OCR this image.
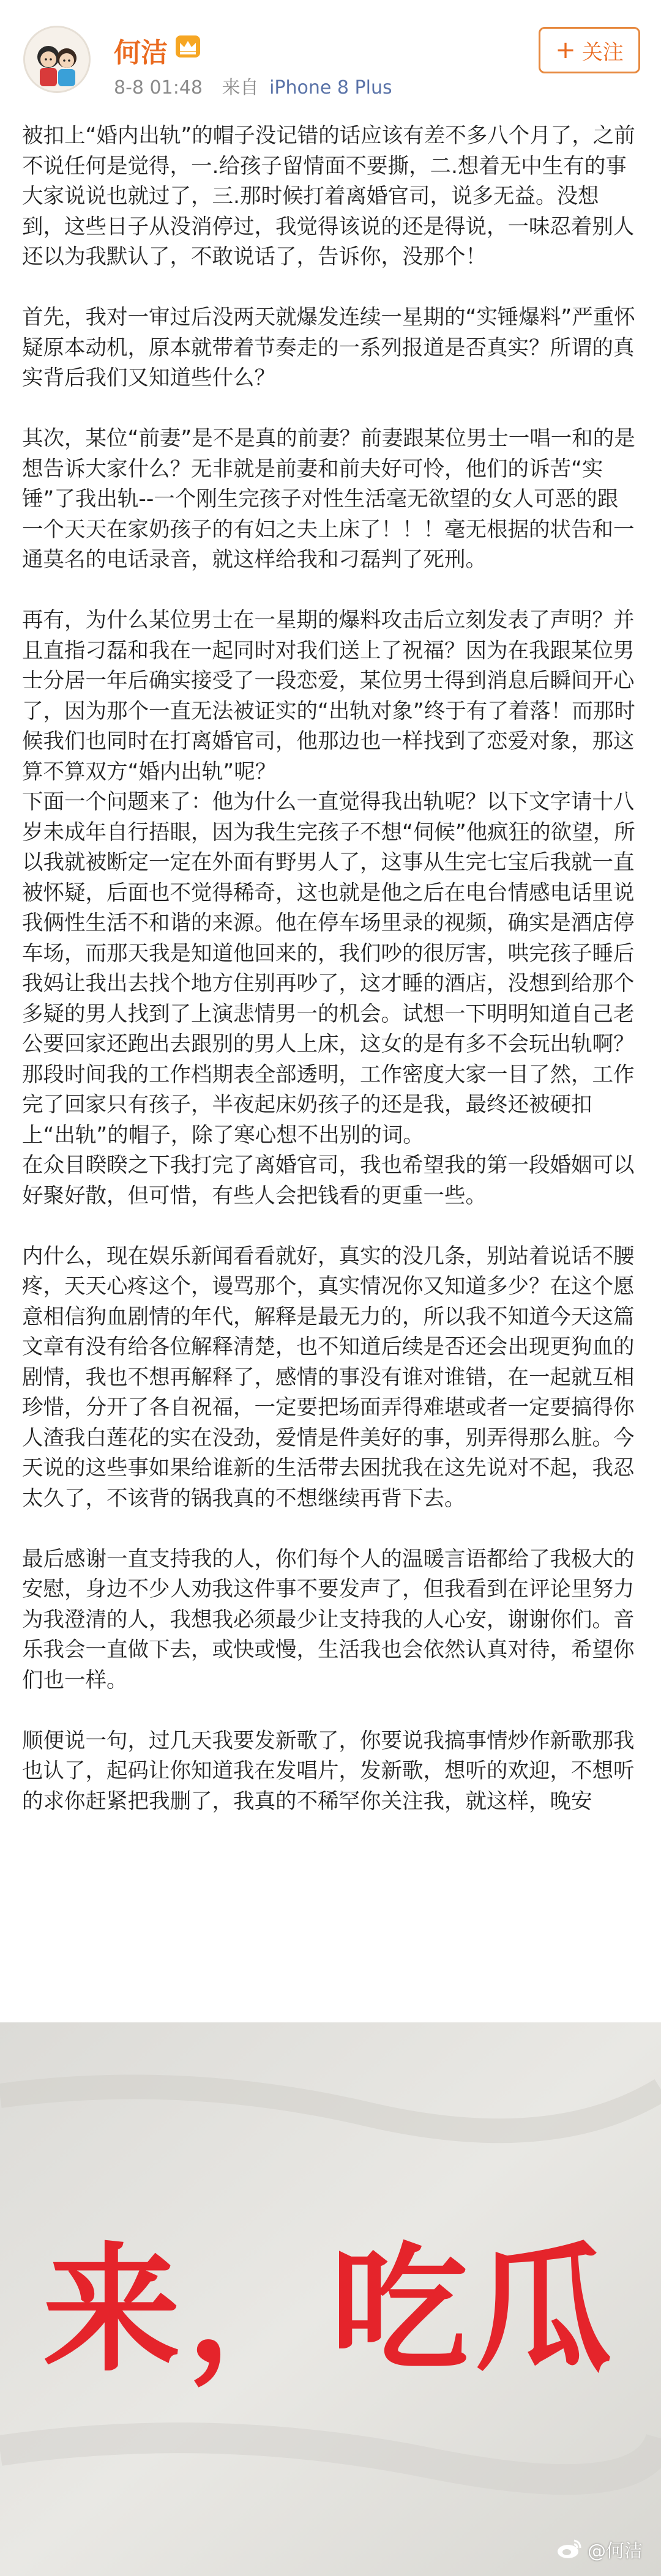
何洁
8-8 01:48 来自 iPhone 8 Plus
+ 关注

被扣上“婚内出轨”的帽子没记错的话应该有差不多八个月了，之前不说任何是觉得，一.给孩子留情面不要撕，二.想着无中生有的事大家说说也就过了，三.那时候打着离婚官司，说多无益。没想到，这些日子从没消停过，我觉得该说的还是得说，一味忍着别人还以为我默认了，不敢说话了，告诉你，没那个！

首先，我对一审过后没两天就爆发连续一星期的“实锤爆料”严重怀疑原本动机，原本就带着节奏走的一系列报道是否真实？所谓的真实背后我们又知道些什么？

其次，某位“前妻”是不是真的前妻？前妻跟某位男士一唱一和的是想告诉大家什么？无非就是前妻和前夫好可怜，他们的诉苦“实锤”了我出轨--一个刚生完孩子对性生活毫无欲望的女人可恶的跟一个天天在家奶孩子的有妇之夫上床了！！！毫无根据的状告和一通莫名的电话录音，就这样给我和刁磊判了死刑。

再有，为什么某位男士在一星期的爆料攻击后立刻发表了声明？并且直指刁磊和我在一起同时对我们送上了祝福？因为在我跟某位男士分居一年后确实接受了一段恋爱，某位男士得到消息后瞬间开心了，因为那个一直无法被证实的“出轨对象”终于有了着落！而那时候我们也同时在打离婚官司，他那边也一样找到了恋爱对象，那这算不算双方“婚内出轨”呢？

下面一个问题来了：他为什么一直觉得我出轨呢？以下文字请十八岁未成年自行捂眼，因为我生完孩子不想“伺候”他疯狂的欲望，所以我就被断定一定在外面有野男人了，这事从生完七宝后我就一直被怀疑，后面也不觉得稀奇，这也就是他之后在电台情感电话里说我俩性生活不和谐的来源。他在停车场里录的视频，确实是酒店停车场，而那天我是知道他回来的，我们吵的很厉害，哄完孩子睡后我妈让我出去找个地方住别再吵了，这才睡的酒店，没想到给那个多疑的男人找到了上演悲情男一的机会。试想一下明明知道自己老公要回家还跑出去跟别的男人上床，这女的是有多不会玩出轨啊？

那段时间我的工作档期表全部透明，工作密度大家一目了然，工作完了回家只有孩子，半夜起床奶孩子的还是我，最终还被硬扣上“出轨”的帽子，除了寒心想不出别的词。

在众目睽睽之下我打完了离婚官司，我也希望我的第一段婚姻可以好聚好散，但可惜，有些人会把钱看的更重一些。

内什么，现在娱乐新闻看看就好，真实的没几条，别站着说话不腰疼，天天心疼这个，谩骂那个，真实情况你又知道多少？在这个愿意相信狗血剧情的年代，解释是最无力的，所以我不知道今天这篇文章有没有给各位解释清楚，也不知道后续是否还会出现更狗血的剧情，我也不想再解释了，感情的事没有谁对谁错，在一起就互相珍惜，分开了各自祝福，一定要把场面弄得难堪或者一定要搞得你人渣我白莲花的实在没劲，爱情是件美好的事，别弄得那么脏。今天说的这些事如果给谁新的生活带去困扰我在这先说对不起，我忍太久了，不该背的锅我真的不想继续再背下去。

最后感谢一直支持我的人，你们每个人的温暖言语都给了我极大的安慰，身边不少人劝我这件事不要发声了，但我看到在评论里努力为我澄清的人，我想我必须最少让支持我的人心安，谢谢你们。音乐我会一直做下去，或快或慢，生活我也会依然认真对待，希望你们也一样。

顺便说一句，过几天我要发新歌了，你要说我搞事情炒作新歌那我也认了，起码让你知道我在发唱片，发新歌，想听的欢迎，不想听的求你赶紧把我删了，我真的不稀罕你关注我，就这样，晚安

来，吃瓜
@何洁
